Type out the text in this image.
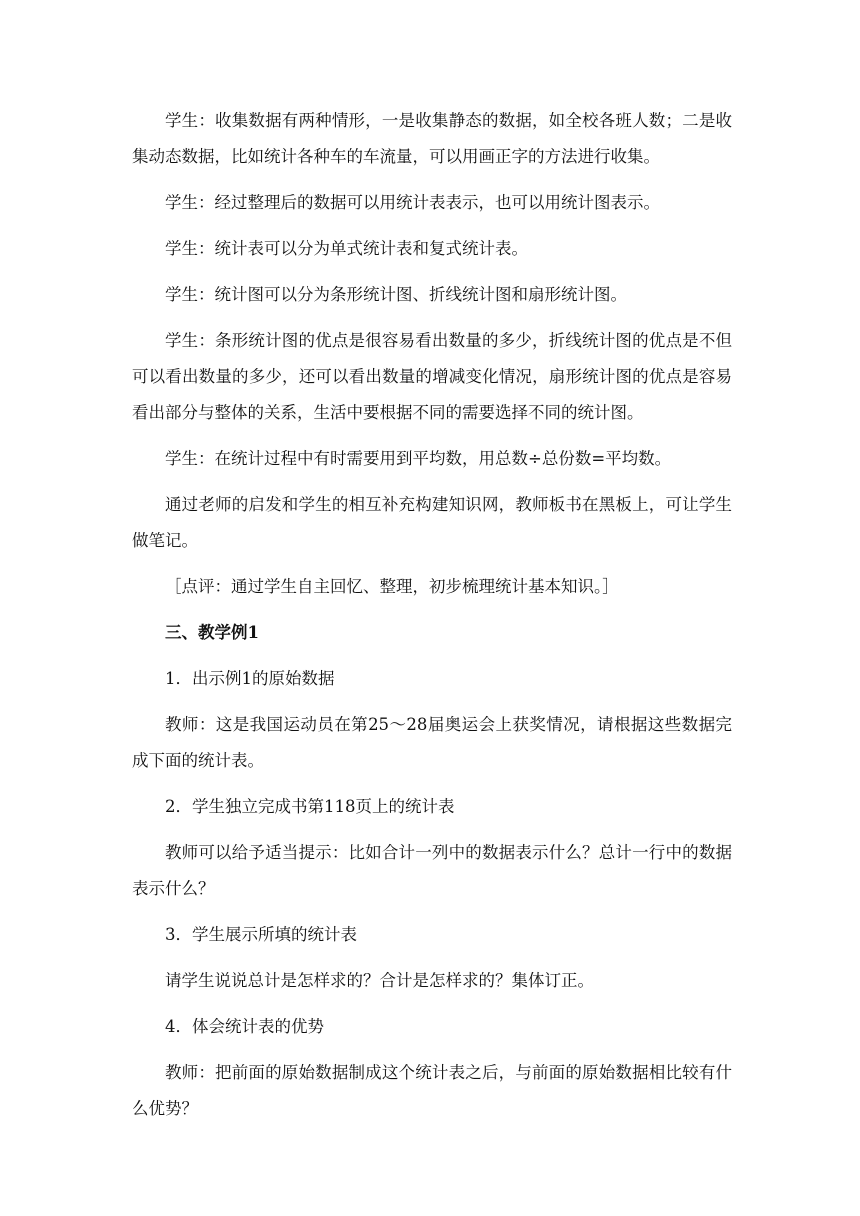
学生：收集数据有两种情形，一是收集静态的数据，如全校各班人数；二是收集动态数据，比如统计各种车的车流量，可以用画正字的方法进行收集。

学生：经过整理后的数据可以用统计表表示，也可以用统计图表示。

学生：统计表可以分为单式统计表和复式统计表。

学生：统计图可以分为条形统计图、折线统计图和扇形统计图。

学生：条形统计图的优点是很容易看出数量的多少，折线统计图的优点是不但可以看出数量的多少，还可以看出数量的增减变化情况，扇形统计图的优点是容易看出部分与整体的关系，生活中要根据不同的需要选择不同的统计图。

学生：在统计过程中有时需要用到平均数，用总数÷总份数=平均数。

通过老师的启发和学生的相互补充构建知识网，教师板书在黑板上，可让学生做笔记。

［点评：通过学生自主回忆、整理，初步梳理统计基本知识。］

三、教学例1

1．出示例1的原始数据

教师：这是我国运动员在第25～28届奥运会上获奖情况，请根据这些数据完成下面的统计表。

2．学生独立完成书第118页上的统计表

教师可以给予适当提示：比如合计一列中的数据表示什么？总计一行中的数据表示什么？

3．学生展示所填的统计表

请学生说说总计是怎样求的？合计是怎样求的？集体订正。

4．体会统计表的优势

教师：把前面的原始数据制成这个统计表之后，与前面的原始数据相比较有什么优势？
